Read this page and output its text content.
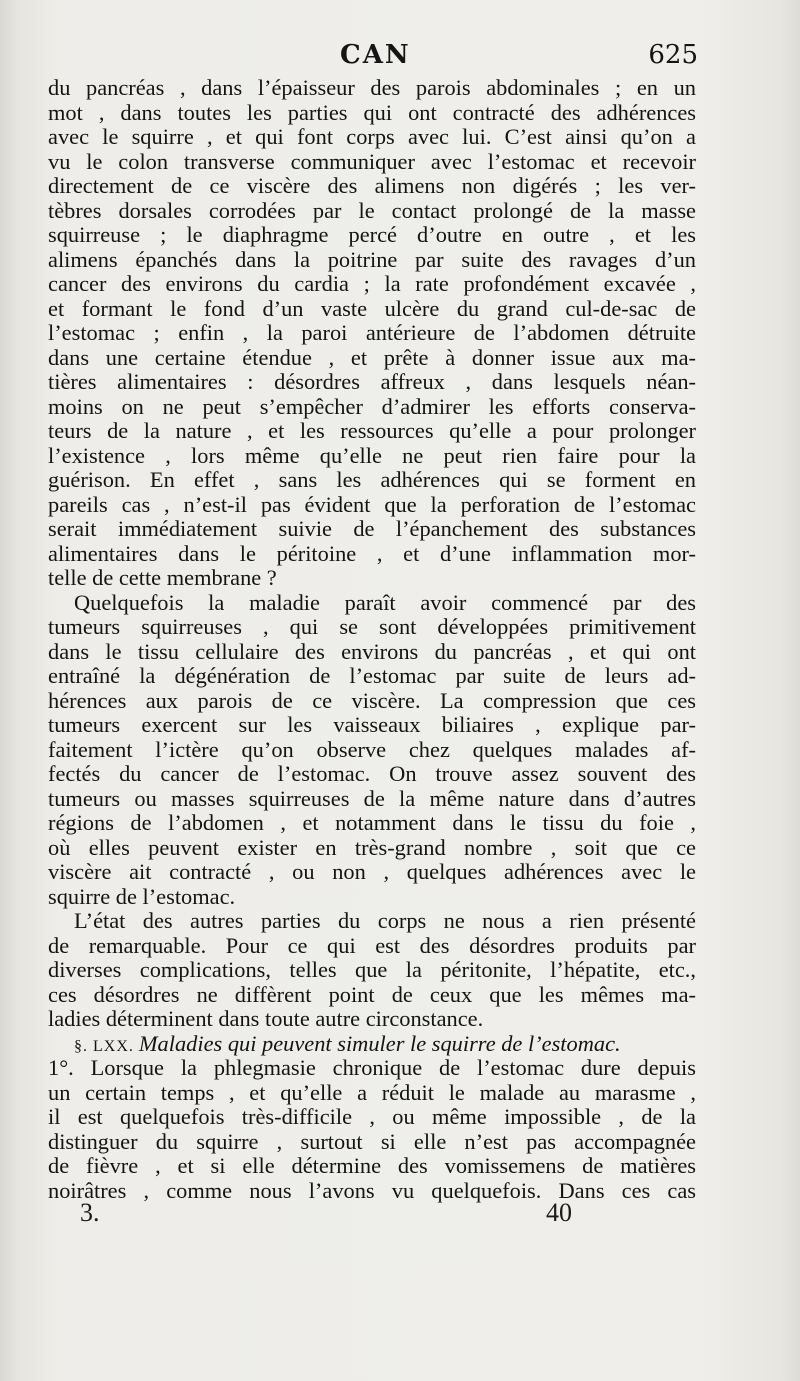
CAN	625
du pancréas , dans l’épaisseur des parois abdominales ; en un
mot , dans toutes les parties qui ont contracté des adhérences
avec le squirre , et qui font corps avec lui. C’est ainsi qu’on a
vu le colon transverse communiquer avec l’estomac et recevoir
directement de ce viscère des alimens non digérés ; les ver-
tèbres dorsales corrodées par le contact prolongé de la masse
squirreuse ; le diaphragme percé d’outre en outre , et les
alimens épanchés dans la poitrine par suite des ravages d’un
cancer des environs du cardia ; la rate profondément excavée ,
et formant le fond d’un vaste ulcère du grand cul-de-sac de
l’estomac ; enfin , la paroi antérieure de l’abdomen détruite
dans une certaine étendue , et prête à donner issue aux ma-
tières alimentaires : désordres affreux , dans lesquels néan-
moins on ne peut s’empêcher d’admirer les efforts conserva-
teurs de la nature , et les ressources qu’elle a pour prolonger
l’existence , lors même qu’elle ne peut rien faire pour la
guérison. En effet , sans les adhérences qui se forment en
pareils cas , n’est-il pas évident que la perforation de l’estomac
serait immédiatement suivie de l’épanchement des substances
alimentaires dans le péritoine , et d’une inflammation mor-
telle de cette membrane ?
Quelquefois la maladie paraît avoir commencé par des
tumeurs squirreuses , qui se sont développées primitivement
dans le tissu cellulaire des environs du pancréas , et qui ont
entraîné la dégénération de l’estomac par suite de leurs ad-
hérences aux parois de ce viscère. La compression que ces
tumeurs exercent sur les vaisseaux biliaires , explique par-
faitement l’ictère qu’on observe chez quelques malades af-
fectés du cancer de l’estomac. On trouve assez souvent des
tumeurs ou masses squirreuses de la même nature dans d’autres
régions de l’abdomen , et notamment dans le tissu du foie ,
où elles peuvent exister en très-grand nombre , soit que ce
viscère ait contracté , ou non , quelques adhérences avec le
squirre de l’estomac.
L’état des autres parties du corps ne nous a rien présenté
de remarquable. Pour ce qui est des désordres produits par
diverses complications, telles que la péritonite, l’hépatite, etc.,
ces désordres ne diffèrent point de ceux que les mêmes ma-
ladies déterminent dans toute autre circonstance.
§. LXX. Maladies qui peuvent simuler le squirre de l’estomac.
1°. Lorsque la phlegmasie chronique de l’estomac dure depuis
un certain temps , et qu’elle a réduit le malade au marasme ,
il est quelquefois très-difficile , ou même impossible , de la
distinguer du squirre , surtout si elle n’est pas accompagnée
de fièvre , et si elle détermine des vomissemens de matières
noirâtres , comme nous l’avons vu quelquefois. Dans ces cas
3.	40
